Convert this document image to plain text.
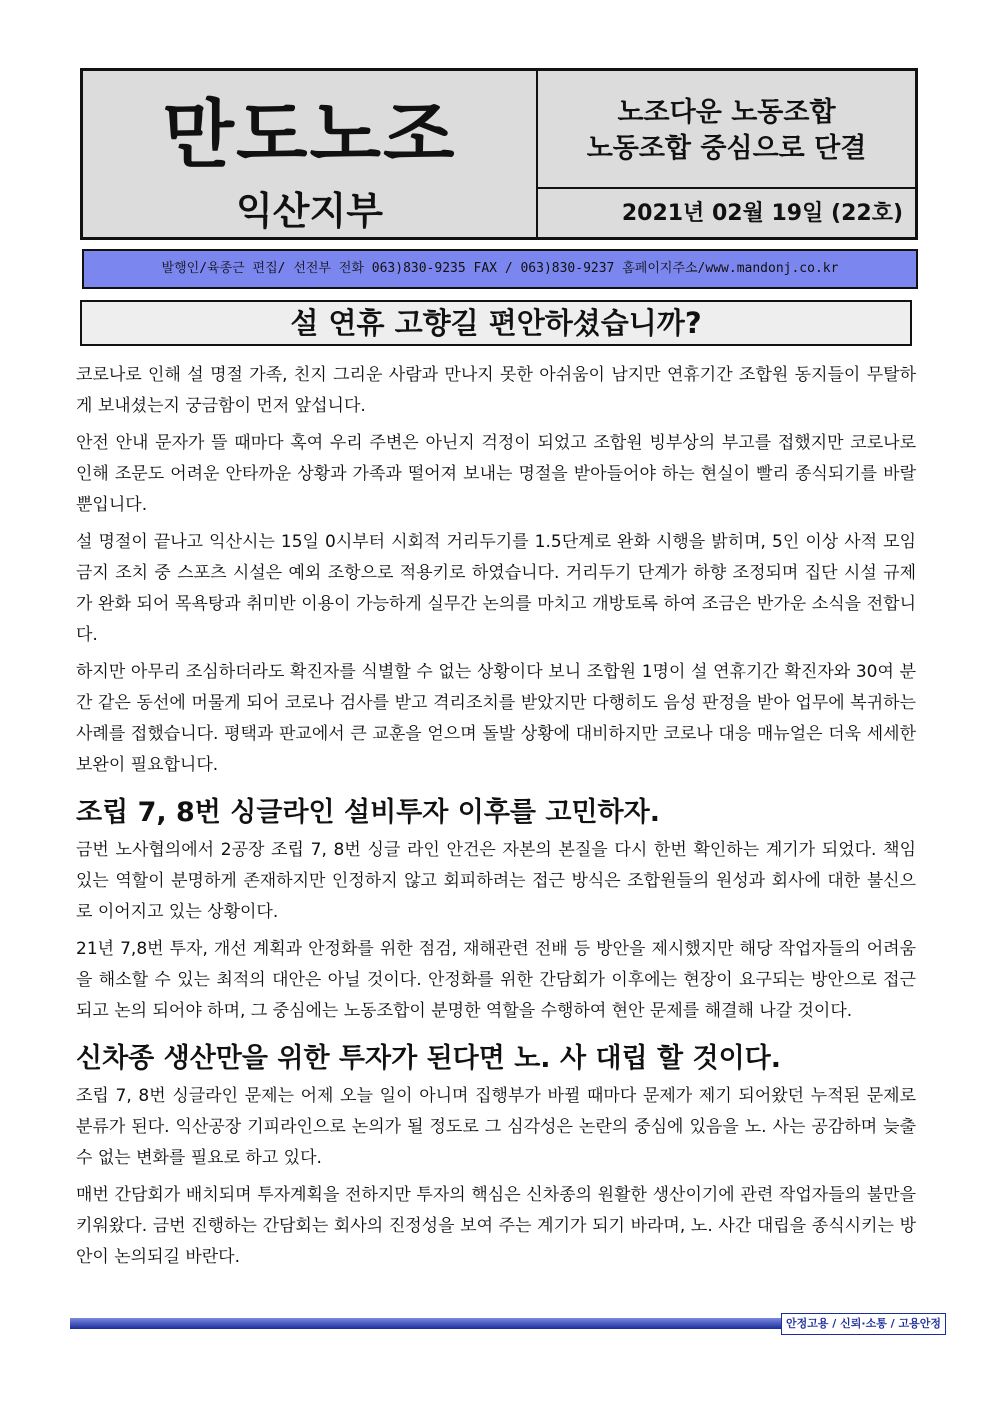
만도노조
익산지부
노조다운 노동조합
노동조합 중심으로 단결
2021년 02월 19일 (22호)
발행인/육종근 편집/ 선전부 전화 063)830-9235 FAX / 063)830-9237 홈페이지주소/www.mandonj.co.kr
설 연휴 고향길 편안하셨습니까?

코로나로 인해 설 명절 가족, 친지 그리운 사람과 만나지 못한 아쉬움이 남지만 연휴기간 조합원 동지들이 무탈하게 보내셨는지 궁금함이 먼저 앞섭니다.

안전 안내 문자가 뜰 때마다 혹여 우리 주변은 아닌지 걱정이 되었고 조합원 빙부상의 부고를 접했지만 코로나로 인해 조문도 어려운 안타까운 상황과 가족과 떨어져 보내는 명절을 받아들어야 하는 현실이 빨리 종식되기를 바랄 뿐입니다.

설 명절이 끝나고 익산시는 15일 0시부터 시회적 거리두기를 1.5단계로 완화 시행을 밝히며, 5인 이상 사적 모임 금지 조치 중 스포츠 시설은 예외 조항으로 적용키로 하였습니다. 거리두기 단계가 하향 조정되며 집단 시설 규제가 완화 되어 목욕탕과 취미반 이용이 가능하게 실무간 논의를 마치고 개방토록 하여 조금은 반가운 소식을 전합니다.

하지만 아무리 조심하더라도 확진자를 식별할 수 없는 상황이다 보니 조합원 1명이 설 연휴기간 확진자와 30여 분간 같은 동선에 머물게 되어 코로나 검사를 받고 격리조치를 받았지만 다행히도 음성 판정을 받아 업무에 복귀하는 사례를 접했습니다. 평택과 판교에서 큰 교훈을 얻으며 돌발 상황에 대비하지만 코로나 대응 매뉴얼은 더욱 세세한 보완이 필요합니다.

조립 7, 8번 싱글라인 설비투자 이후를 고민하자.

금번 노사협의에서 2공장 조립 7, 8번 싱글 라인 안건은 자본의 본질을 다시 한번 확인하는 계기가 되었다. 책임 있는 역할이 분명하게 존재하지만 인정하지 않고 회피하려는 접근 방식은 조합원들의 원성과 회사에 대한 불신으로 이어지고 있는 상황이다.

21년 7,8번 투자, 개선 계획과 안정화를 위한 점검, 재해관련 전배 등 방안을 제시했지만 해당 작업자들의 어려움을 해소할 수 있는 최적의 대안은 아닐 것이다. 안정화를 위한 간담회가 이후에는 현장이 요구되는 방안으로 접근되고 논의 되어야 하며, 그 중심에는 노동조합이 분명한 역할을 수행하여 현안 문제를 해결해 나갈 것이다.

신차종 생산만을 위한 투자가 된다면 노. 사 대립 할 것이다.

조립 7, 8번 싱글라인 문제는 어제 오늘 일이 아니며 집행부가 바뀔 때마다 문제가 제기 되어왔던 누적된 문제로 분류가 된다. 익산공장 기피라인으로 논의가 될 정도로 그 심각성은 논란의 중심에 있음을 노. 사는 공감하며 늦출 수 없는 변화를 필요로 하고 있다.

매번 간담회가 배치되며 투자계획을 전하지만 투자의 핵심은 신차종의 원활한 생산이기에 관련 작업자들의 불만을 키워왔다. 금번 진행하는 간담회는 회사의 진정성을 보여 주는 계기가 되기 바라며, 노. 사간 대립을 종식시키는 방안이 논의되길 바란다.

안정고용 / 신뢰·소통 / 고용안정
